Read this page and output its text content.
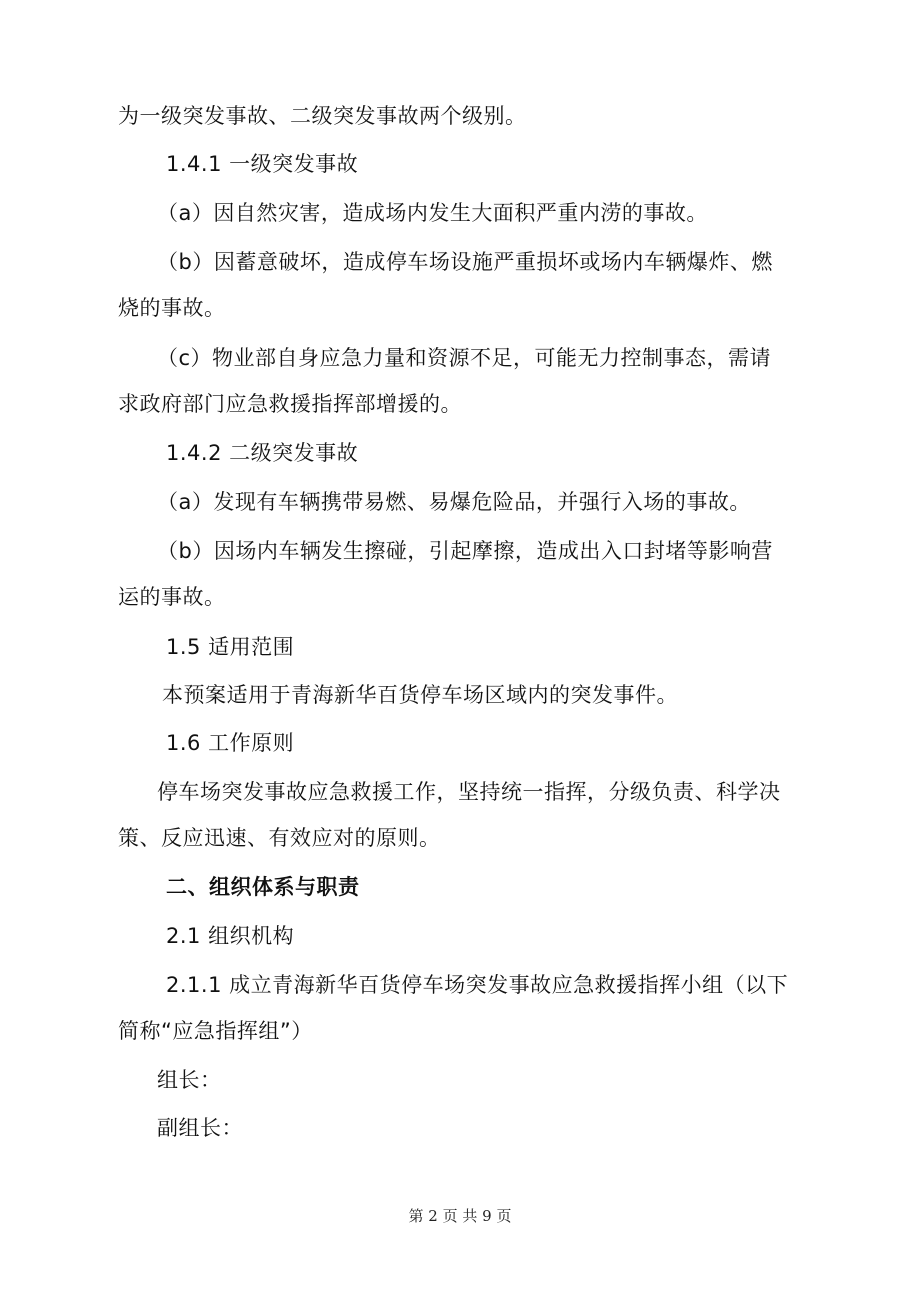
为一级突发事故、二级突发事故两个级别。
1.4.1 一级突发事故
（a）因自然灾害，造成场内发生大面积严重内涝的事故。
（b）因蓄意破坏，造成停车场设施严重损坏或场内车辆爆炸、燃
烧的事故。
（c）物业部自身应急力量和资源不足，可能无力控制事态，需请
求政府部门应急救援指挥部增援的。
1.4.2 二级突发事故
（a）发现有车辆携带易燃、易爆危险品，并强行入场的事故。
（b）因场内车辆发生擦碰，引起摩擦，造成出入口封堵等影响营
运的事故。
1.5 适用范围
本预案适用于青海新华百货停车场区域内的突发事件。
1.6 工作原则
停车场突发事故应急救援工作，坚持统一指挥，分级负责、科学决
策、反应迅速、有效应对的原则。
二、组织体系与职责
2.1 组织机构
2.1.1 成立青海新华百货停车场突发事故应急救援指挥小组（以下
简称“应急指挥组”）
组长：
副组长：
第 2 页 共 9 页
